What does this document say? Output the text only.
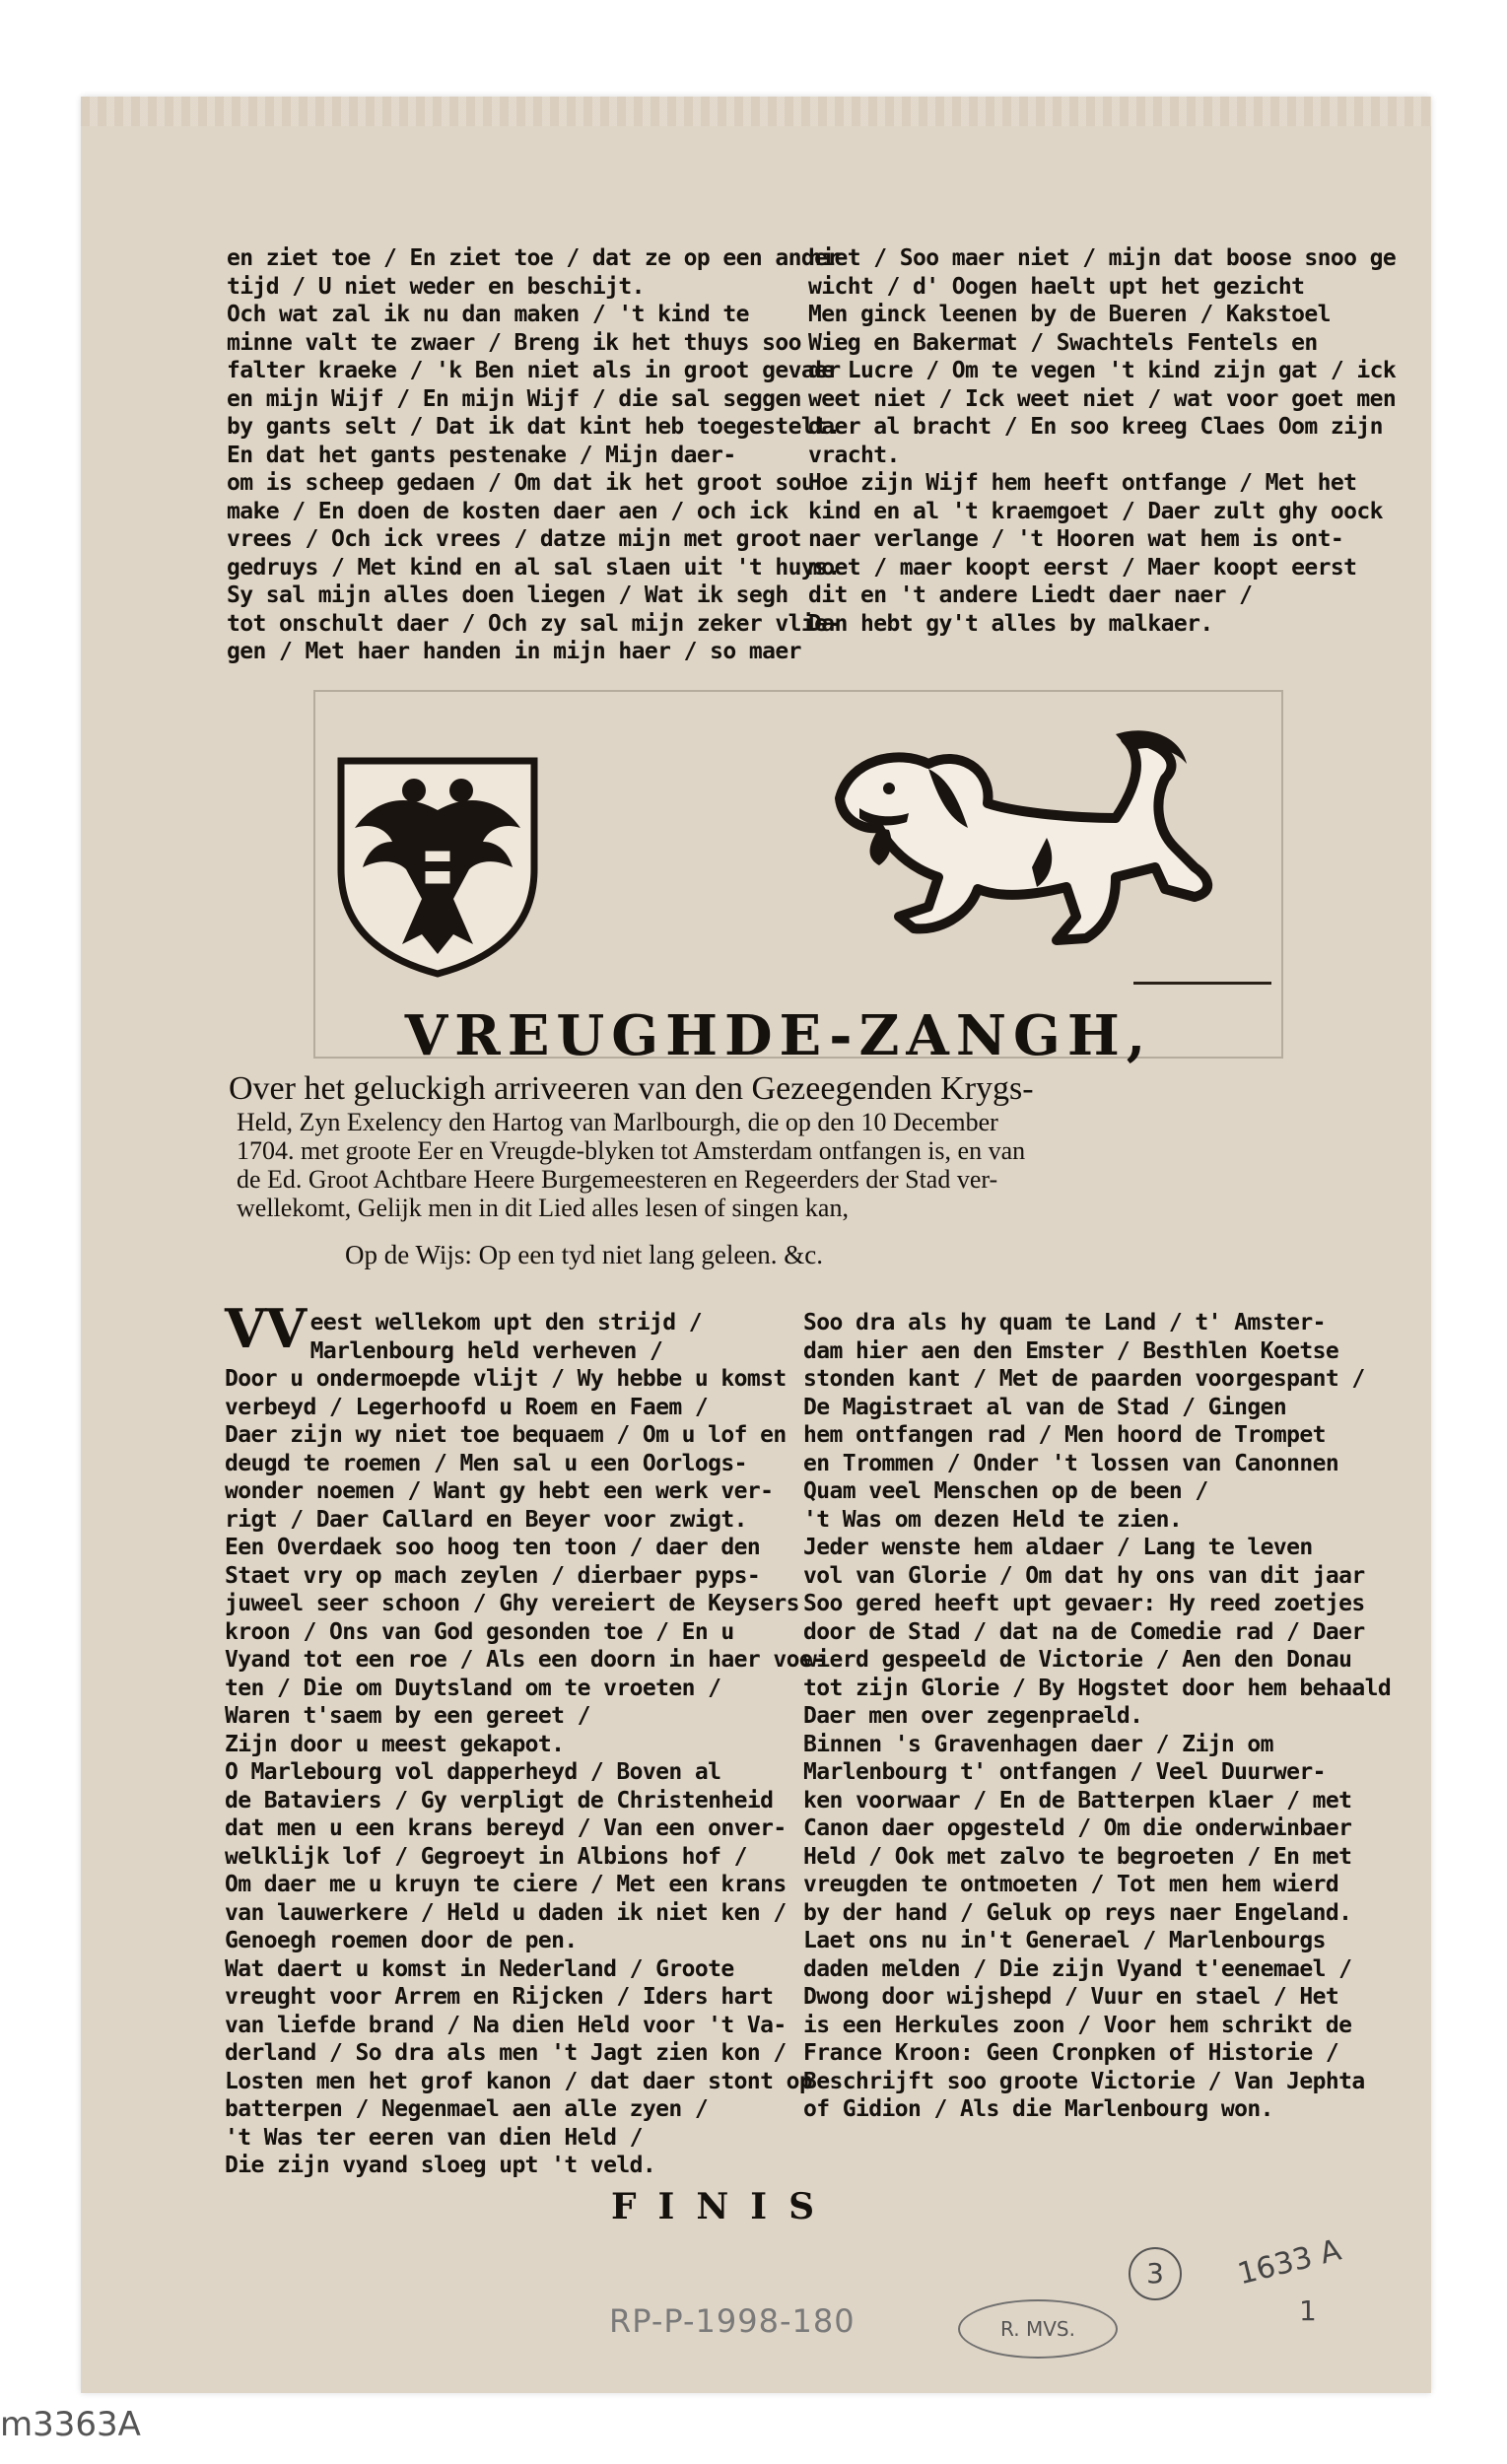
en ziet toe / En ziet toe / dat ze op een ander

tijd / U niet weder en beschijt.

Och wat zal ik nu dan maken / 't kind te

minne valt te zwaer / Breng ik het thuys soo

falter kraeke / 'k Ben niet als in groot gevaer

en mijn Wijf / En mijn Wijf / die sal seggen

by gants selt / Dat ik dat kint heb toegestelt.

En dat het gants pestenake / Mijn daer-

om is scheep gedaen / Om dat ik het groot sou

make / En doen de kosten daer aen / och ick

vrees / Och ick vrees / datze mijn met groot

gedruys / Met kind en al sal slaen uit 't huys.

Sy sal mijn alles doen liegen / Wat ik segh

tot onschult daer / Och zy sal mijn zeker vlie-

gen / Met haer handen in mijn haer / so maer

niet / Soo maer niet / mijn dat boose snoo ge

wicht / d' Oogen haelt upt het gezicht

Men ginck leenen by de Bueren / Kakstoel

Wieg en Bakermat / Swachtels Fentels en

de Lucre / Om te vegen 't kind zijn gat / ick

weet niet / Ick weet niet / wat voor goet men

daer al bracht / En soo kreeg Claes Oom zijn

vracht.

Hoe zijn Wijf hem heeft ontfange / Met het

kind en al 't kraemgoet / Daer zult ghy oock

naer verlange / 't Hooren wat hem is ont-

moet / maer koopt eerst / Maer koopt eerst

dit en 't andere Liedt daer naer /

Dan hebt gy't alles by malkaer.

VREUGHDE-ZANGH,
Over het geluckigh arriveeren van den Gezeegenden Krygs-
Held, Zyn Exelency den Hartog van Marlbourgh, die op den 10 December
1704. met groote Eer en Vreugde-blyken tot Amsterdam ontfangen is, en van
de Ed. Groot Achtbare Heere Burgemeesteren en Regeerders der Stad ver-
wellekomt, Gelijk men in dit Lied alles lesen of singen kan,
Op de Wijs: Op een tyd niet lang geleen. &c.
VV eest wellekom upt den strijd /

Marlenbourg held verheven /

Door u ondermoepde vlijt / Wy hebbe u komst

verbeyd / Legerhoofd u Roem en Faem /

Daer zijn wy niet toe bequaem / Om u lof en

deugd te roemen / Men sal u een Oorlogs-

wonder noemen / Want gy hebt een werk ver-

rigt / Daer Callard en Beyer voor zwigt.

Een Overdaek soo hoog ten toon / daer den

Staet vry op mach zeylen / dierbaer pyps-

juweel seer schoon / Ghy vereiert de Keysers

kroon / Ons van God gesonden toe / En u

Vyand tot een roe / Als een doorn in haer voe-

ten / Die om Duytsland om te vroeten /

Waren t'saem by een gereet /

Zijn door u meest gekapot.

O Marlebourg vol dapperheyd / Boven al

de Bataviers / Gy verpligt de Christenheid

dat men u een krans bereyd / Van een onver-

welklijk lof / Gegroeyt in Albions hof /

Om daer me u kruyn te ciere / Met een krans

van lauwerkere / Held u daden ik niet ken /

Genoegh roemen door de pen.

Wat daert u komst in Nederland / Groote

vreught voor Arrem en Rijcken / Iders hart

van liefde brand / Na dien Held voor 't Va-

derland / So dra als men 't Jagt zien kon /

Losten men het grof kanon / dat daer stont op

batterpen / Negenmael aen alle zyen /

't Was ter eeren van dien Held /

Die zijn vyand sloeg upt 't veld.

Soo dra als hy quam te Land / t' Amster-

dam hier aen den Emster / Besthlen Koetse

stonden kant / Met de paarden voorgespant /

De Magistraet al van de Stad / Gingen

hem ontfangen rad / Men hoord de Trompet

en Trommen / Onder 't lossen van Canonnen

Quam veel Menschen op de been /

't Was om dezen Held te zien.

Jeder wenste hem aldaer / Lang te leven

vol van Glorie / Om dat hy ons van dit jaar

Soo gered heeft upt gevaer: Hy reed zoetjes

door de Stad / dat na de Comedie rad / Daer

wierd gespeeld de Victorie / Aen den Donau

tot zijn Glorie / By Hogstet door hem behaald

Daer men over zegenpraeld.

Binnen 's Gravenhagen daer / Zijn om

Marlenbourg t' ontfangen / Veel Duurwer-

ken voorwaar / En de Batterpen klaer / met

Canon daer opgesteld / Om die onderwinbaer

Held / Ook met zalvo te begroeten / En met

vreugden te ontmoeten / Tot men hem wierd

by der hand / Geluk op reys naer Engeland.

Laet ons nu in't Generael / Marlenbourgs

daden melden / Die zijn Vyand t'eenemael /

Dwong door wijshepd / Vuur en stael / Het

is een Herkules zoon / Voor hem schrikt de

France Kroon: Geen Cronpken of Historie /

Beschrijft soo groote Victorie / Van Jephta

of Gidion / Als die Marlenbourg won.

FINIS
RP-P-1998-180	R. MVS.
3	1633 A
1
m3363A
